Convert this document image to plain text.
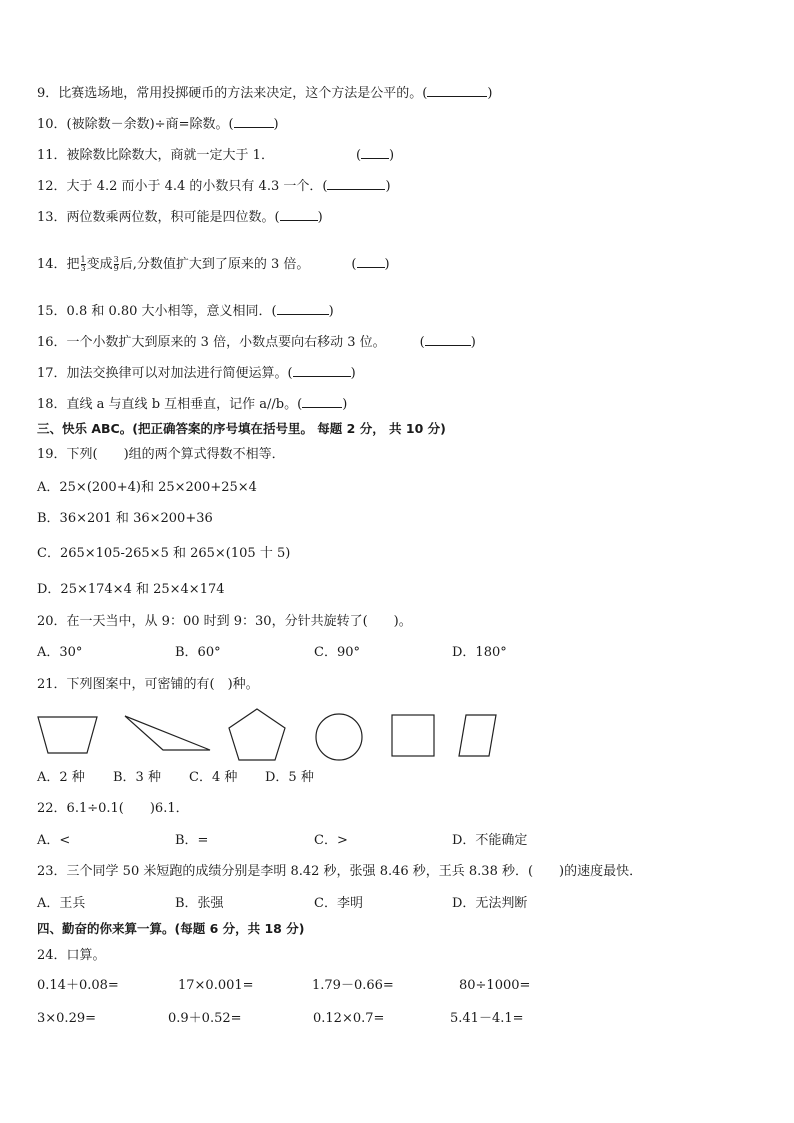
9．比赛选场地，常用投掷硬币的方法来决定，这个方法是公平的。(	)
10．(被除数－余数)÷商=除数。(	)
11．被除数比除数大，商就一定大于 1．	( )
12．大于 4.2 而小于 4.4 的小数只有 4.3 一个．(	)
13．两位数乘两位数，积可能是四位数。(	)
14．把 $\frac{1}{3}$ 变成 $\frac{3}{9}$ 后,分数值扩大到了原来的 3 倍。	( )
15．0.8 和 0.80 大小相等，意义相同．(	)
16．一个小数扩大到原来的 3 倍，小数点要向右移动 3 位。	(	)
17．加法交换律可以对加法进行简便运算。(	)
18．直线 a 与直线 b 互相垂直，记作 a//b。(	)
三、快乐 ABC。(把正确答案的序号填在括号里。 每题 2 分， 共 10 分)
19．下列(　　)组的两个算式得数不相等．
A．25×(200+4)和 25×200+25×4
B．36×201 和 36×200+36
C．265×105-265×5 和 265×(105 十 5)
D．25×174×4 和 25×4×174
20．在一天当中，从 9：00 时到 9：30，分针共旋转了(　　)。
A．30°	B．60°	C．90°	D．180°
21．下列图案中，可密铺的有(　)种。
A．2 种 B．3 种 C．4 种 D．5 种
22．6.1÷0.1(　　)6.1．
A．<	B．=	C．>	D．不能确定
23．三个同学 50 米短跑的成绩分别是李明 8.42 秒，张强 8.46 秒，王兵 8.38 秒．(　　)的速度最快．
A．王兵	B．张强	C．李明	D．无法判断
四、勤奋的你来算一算。(每题 6 分，共 18 分)
24．口算。
0.14＋0.08=	17×0.001=	1.79－0.66=	80÷1000=
3×0.29=	0.9＋0.52=	0.12×0.7=	5.41－4.1=
